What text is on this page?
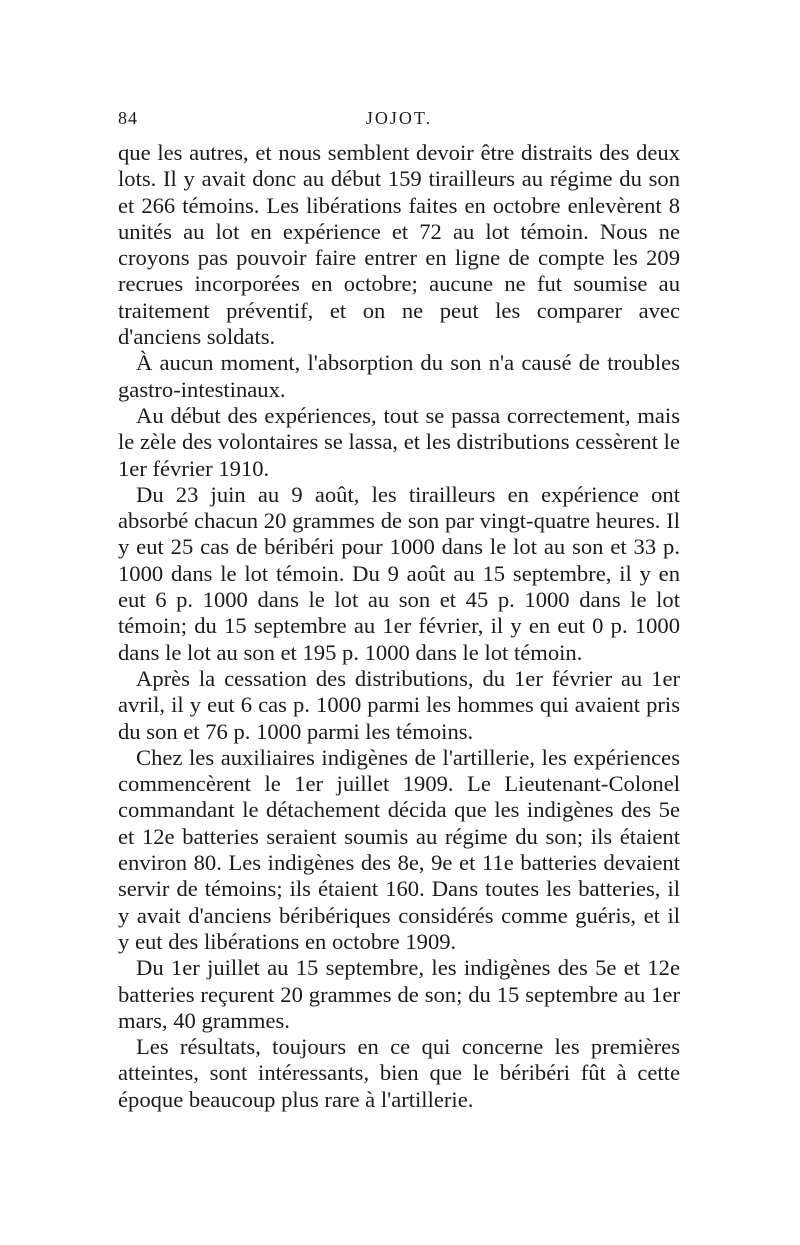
84	JOJOT.

que les autres, et nous semblent devoir être distraits des deux lots. Il y avait donc au début 159 tirailleurs au régime du son et 266 témoins. Les libérations faites en octobre enlevèrent 8 unités au lot en expérience et 72 au lot témoin. Nous ne croyons pas pouvoir faire entrer en ligne de compte les 209 recrues incorporées en octobre; aucune ne fut soumise au traitement préventif, et on ne peut les comparer avec d'anciens soldats.

À aucun moment, l'absorption du son n'a causé de troubles gastro-intestinaux.

Au début des expériences, tout se passa correctement, mais le zèle des volontaires se lassa, et les distributions cessèrent le 1er février 1910.

Du 23 juin au 9 août, les tirailleurs en expérience ont absorbé chacun 20 grammes de son par vingt-quatre heures. Il y eut 25 cas de béribéri pour 1000 dans le lot au son et 33 p. 1000 dans le lot témoin. Du 9 août au 15 septembre, il y en eut 6 p. 1000 dans le lot au son et 45 p. 1000 dans le lot témoin; du 15 septembre au 1er février, il y en eut 0 p. 1000 dans le lot au son et 195 p. 1000 dans le lot témoin.

Après la cessation des distributions, du 1er février au 1er avril, il y eut 6 cas p. 1000 parmi les hommes qui avaient pris du son et 76 p. 1000 parmi les témoins.

Chez les auxiliaires indigènes de l'artillerie, les expériences commencèrent le 1er juillet 1909. Le Lieutenant-Colonel commandant le détachement décida que les indigènes des 5e et 12e batteries seraient soumis au régime du son; ils étaient environ 80. Les indigènes des 8e, 9e et 11e batteries devaient servir de témoins; ils étaient 160. Dans toutes les batteries, il y avait d'anciens béribériques considérés comme guéris, et il y eut des libérations en octobre 1909.

Du 1er juillet au 15 septembre, les indigènes des 5e et 12e batteries reçurent 20 grammes de son; du 15 septembre au 1er mars, 40 grammes.

Les résultats, toujours en ce qui concerne les premières atteintes, sont intéressants, bien que le béribéri fût à cette époque beaucoup plus rare à l'artillerie.
